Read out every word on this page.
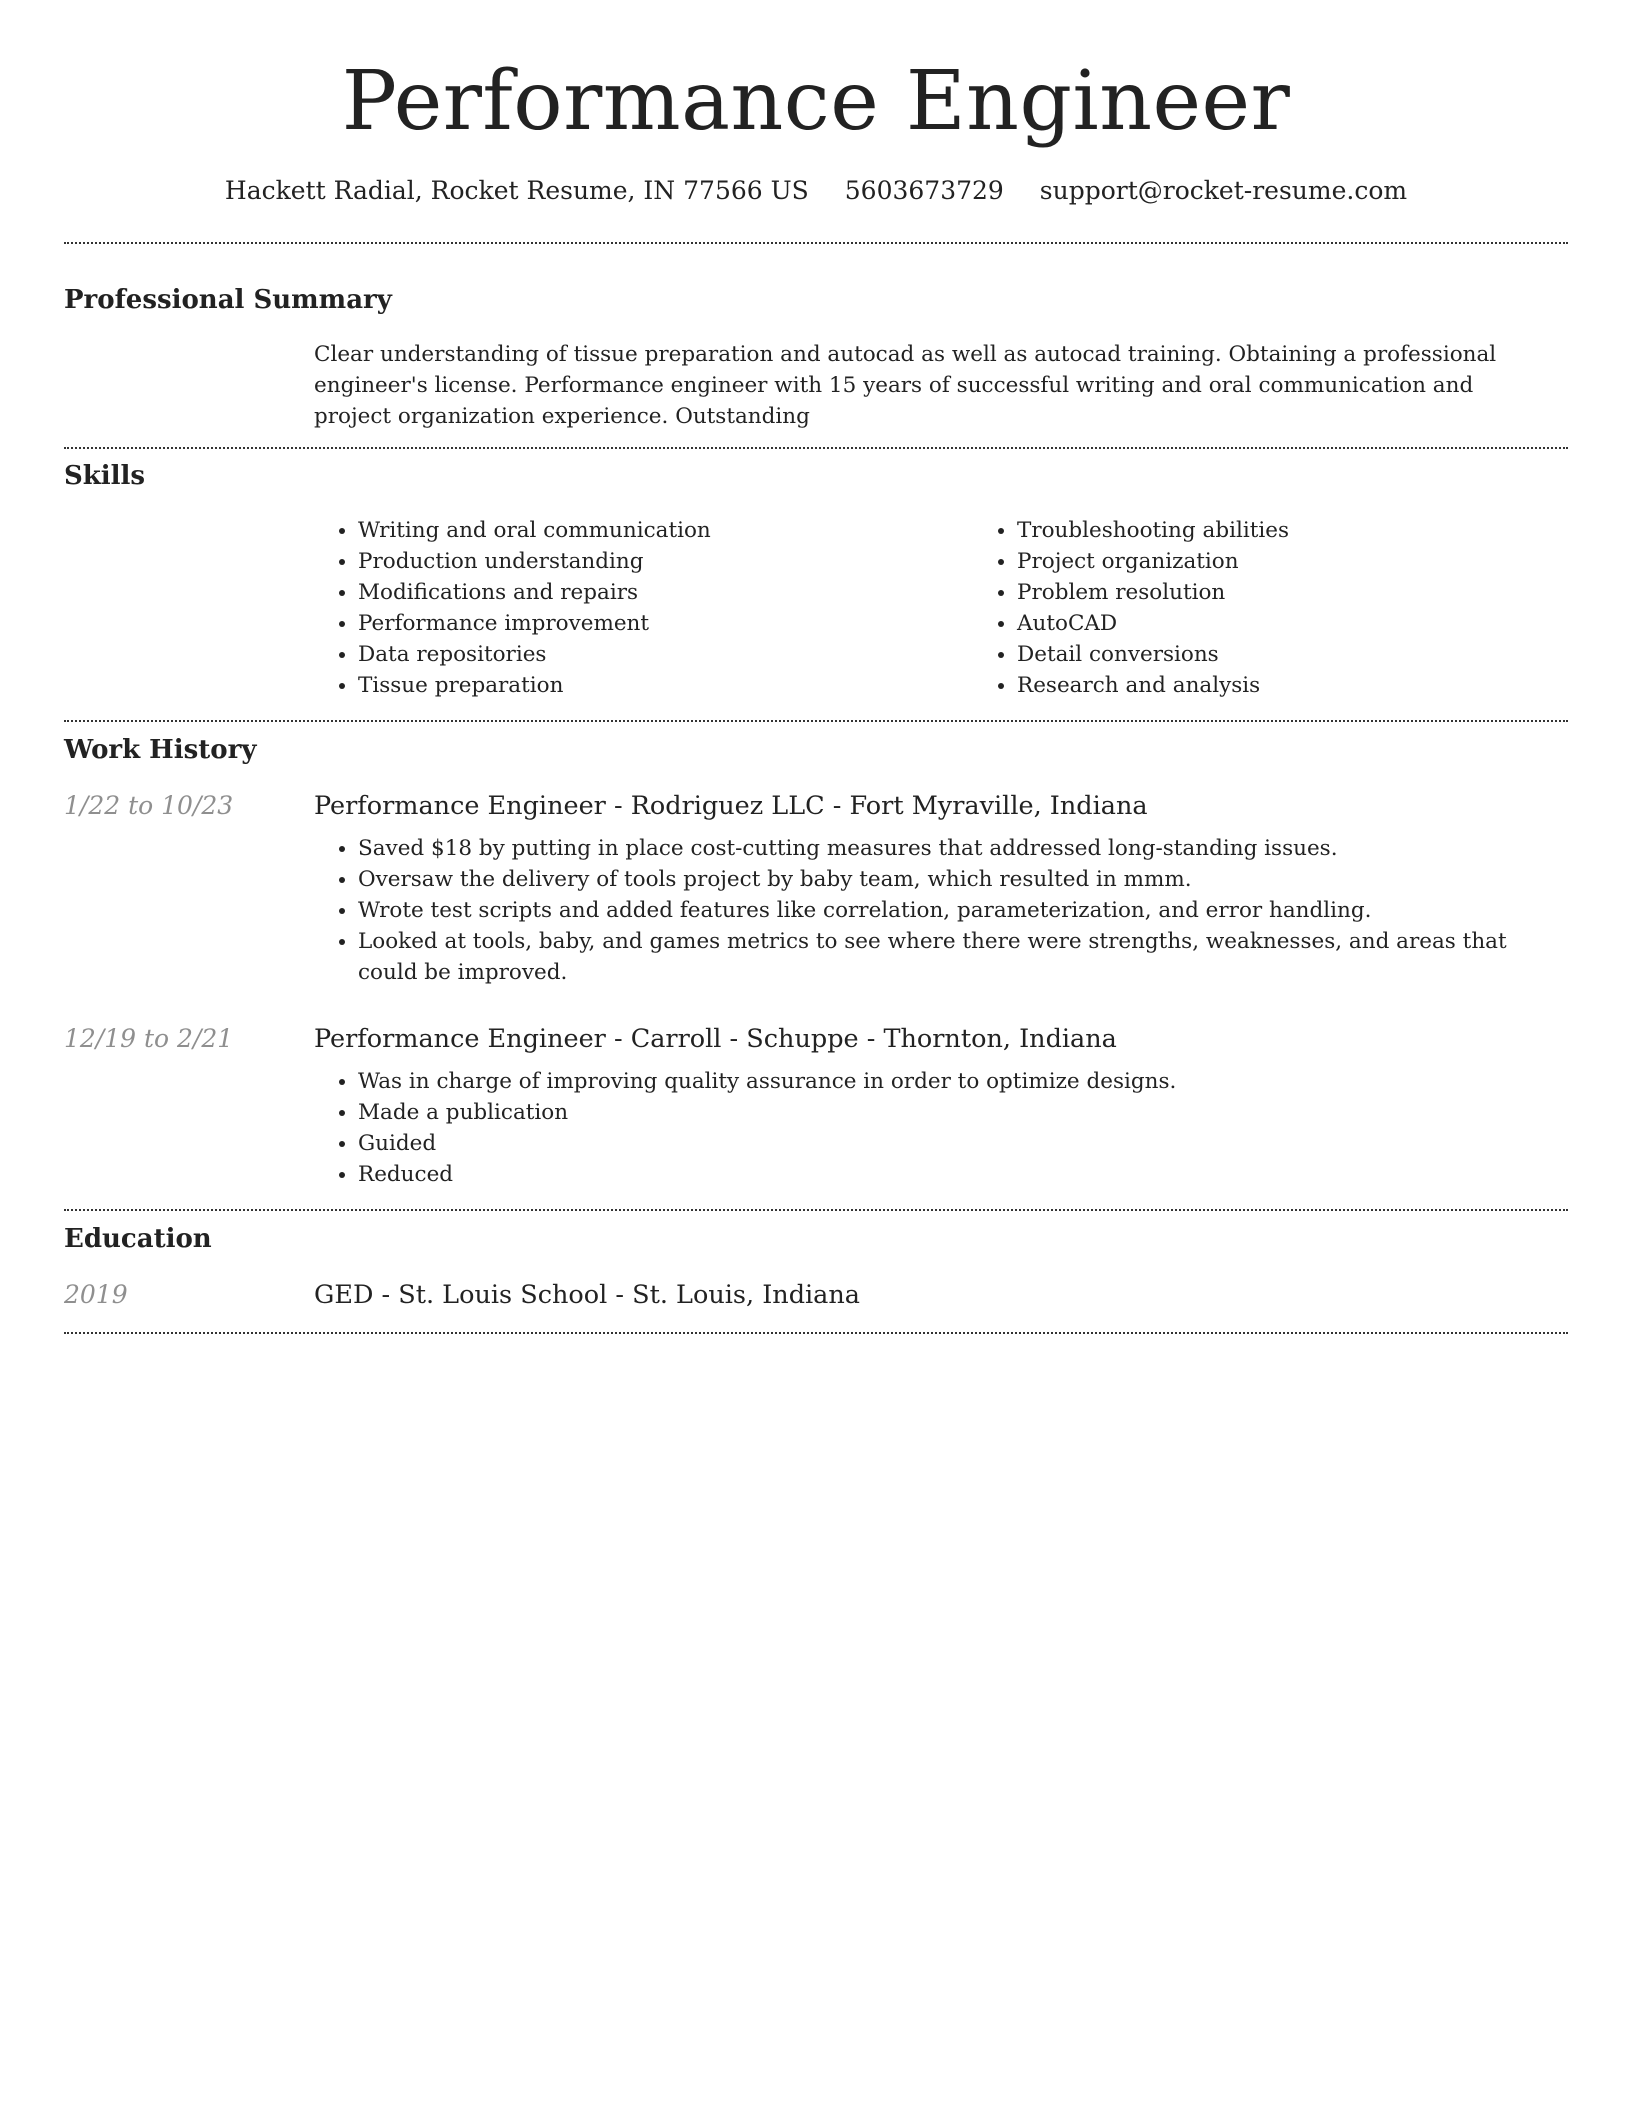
Performance Engineer
Hackett Radial, Rocket Resume, IN 77566 US 5603673729 support@rocket-resume.com
Professional Summary

Clear understanding of tissue preparation and autocad as well as autocad training. Obtaining a professional engineer's license. Performance engineer with 15 years of successful writing and oral communication and project organization experience. Outstanding

Skills
• Writing and oral communication
• Production understanding
• Modifications and repairs
• Performance improvement
• Data repositories
• Tissue preparation
• Troubleshooting abilities
• Project organization
• Problem resolution
• AutoCAD
• Detail conversions
• Research and analysis
Work History
1/22 to 10/23	Performance Engineer - Rodriguez LLC - Fort Myraville, Indiana
• Saved $18 by putting in place cost-cutting measures that addressed long-standing issues.
• Oversaw the delivery of tools project by baby team, which resulted in mmm.
• Wrote test scripts and added features like correlation, parameterization, and error handling.
• Looked at tools, baby, and games metrics to see where there were strengths, weaknesses, and areas that could be improved.
12/19 to 2/21	Performance Engineer - Carroll - Schuppe - Thornton, Indiana
• Was in charge of improving quality assurance in order to optimize designs.
• Made a publication
• Guided
• Reduced
Education
2019	GED - St. Louis School - St. Louis, Indiana
